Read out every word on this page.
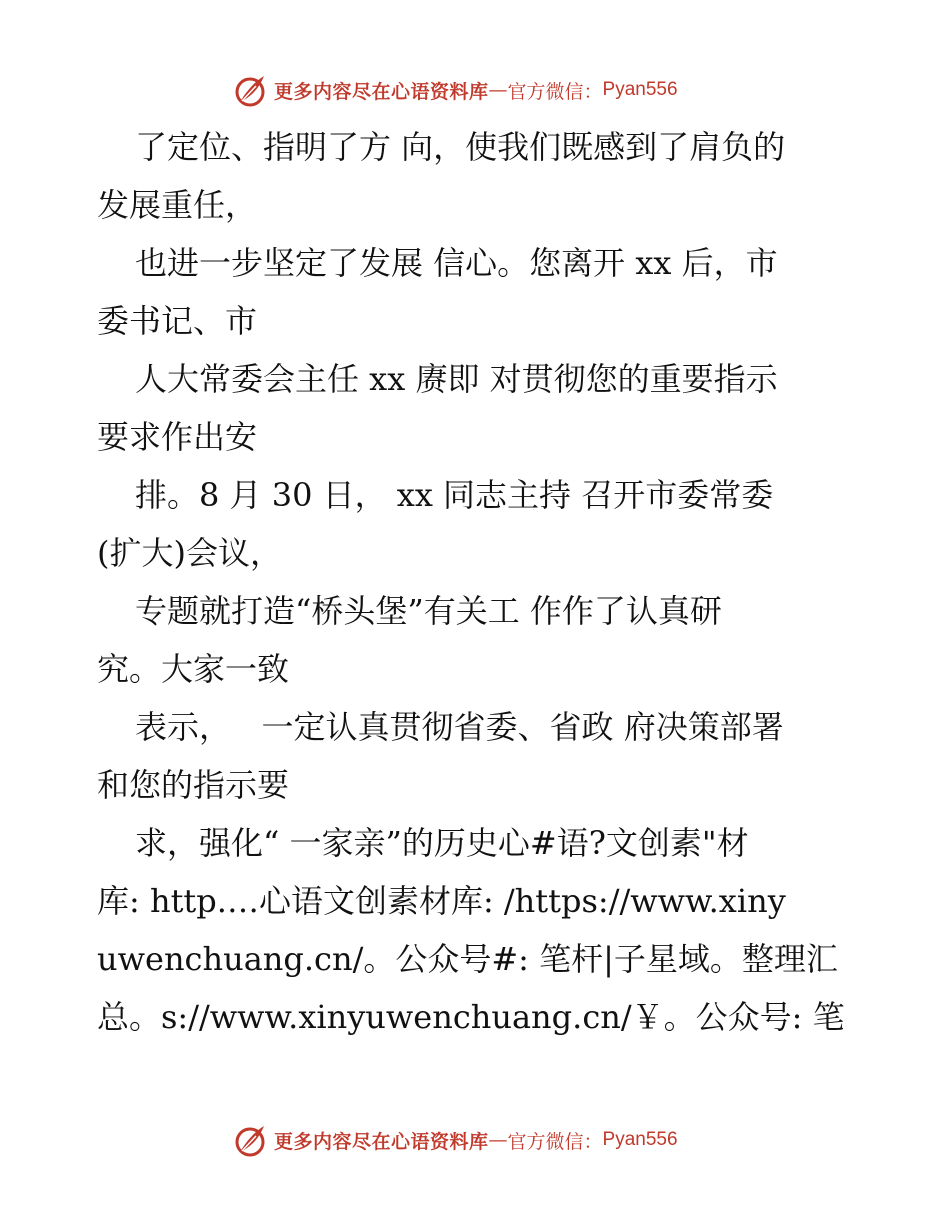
更多内容尽在心语资料库 — 官方微信： Pyan556
了定位、指明了方 向，使我们既感到了肩负的
发展重任，
也进一步坚定了发展 信心。您离开 xx 后，市
委书记、市
人大常委会主任 xx 赓即 对贯彻您的重要指示
要求作出安
排。8 月 30 日， xx 同志主持 召开市委常委
(扩大)会议，
专题就打造“桥头堡”有关工 作作了认真研
究。大家一致
表示，   一定认真贯彻省委、省政 府决策部署
和您的指示要
求，强化“ 一家亲”的历史心#语?文创素"材
库: http.…心语文创素材库: /https://www.xiny
uwenchuang.cn/。公众号#: 笔杆|子星域。整理汇
总。s://www.xinyuwenchuang.cn/￥。公众号: 笔
更多内容尽在心语资料库 — 官方微信： Pyan556
